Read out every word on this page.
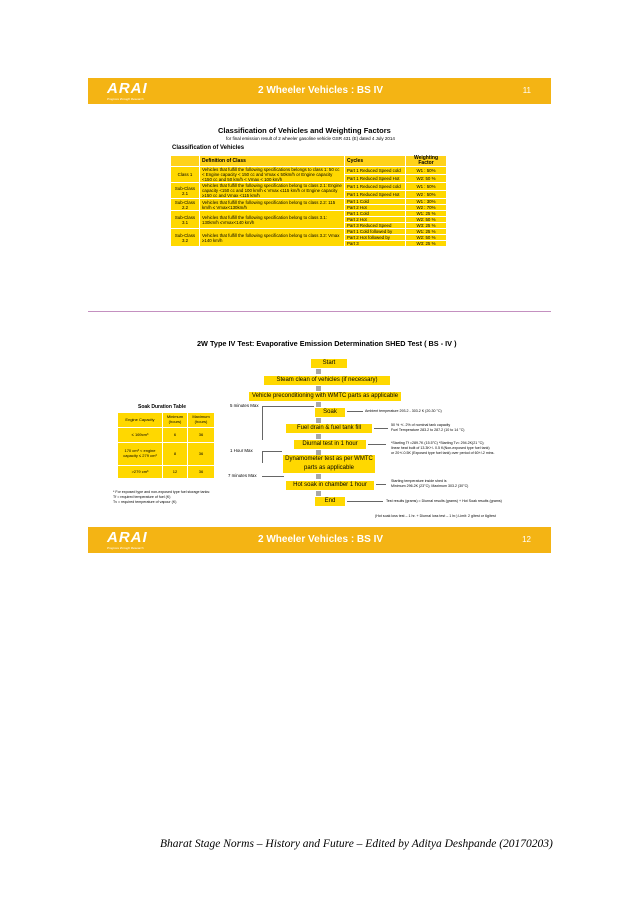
ARAI
Progress through Research
2 Wheeler Vehicles : BS IV	11
Classification of Vehicles and Weighting Factors
for final emission result of 2 wheeler gasoline vehicle GSR 431 (E) dated 4 July 2014
Classification of Vehicles
	Definition of Class	Cycles	Weighting Factor
Class 1	Vehicles that fulfill the following specifications belongs to class 1: 50 cc < Engine capacity < 150 cc and Vmax ≤ 50km/h or Engine capacity <150 cc and 50 km/h < Vmax < 100 km/h	Part 1 Reduced Speed cold	W1 : 50%
		Part 1 Reduced Speed Hot	W2: 50 %
Sub-Class 2.1	Vehicles that fulfill the following specification belong to class 2.1: Engine capacity <150 cc and 100 km/h ≤ Vmax ≤115 km/h or Engine capacity ≥150 cc and Vmax <115 km/h	Part 1 Reduced Speed cold	W1 : 50%
		Part 1 Reduced Speed Hot	W2 : 50%
Sub-Class 2.2	Vehicles that fulfill the following specification belong to class 2.2: 115 km/h ≤ Vmax<130km/h	Part 1 Cold	W1 : 30%
		Part 2 Hot	W2 : 70%
Sub-Class 3.1	Vehicles that fulfill the following specification belong to class 3.1: 130km/h ≤Vmax<140 km/h	Part 1 Cold	W1: 25 %
		Part 2 Hot	W2: 50 %
		Part 3 Reduced Speed	W3: 25 %
Sub-Class 3.2	Vehicles that fulfill the following specification belong to class 3.2: Vmax ≥140 km/h	Part 1 Cold followed by	W1: 25 %
		Part 2 Hot followed by	W2: 50 %
		Part 3	W3: 25 %
2W Type IV Test: Evaporative Emission Determination SHED Test ( BS - IV )
Start
Steam clean of vehicles (if necessary)
Vehicle preconditioning with WMTC parts as applicable
Soak
Fuel drain & fuel tank fill
Diurnal test in 1 hour
Dynamometer test as per WMTC parts as applicable
Hot soak in chamber 1 hour
End
5 minutes Max
1 Hour Max
7 minutes Max
Ambient temperature 293.2 - 303.2 K (20-30 °C)
50 % +/- 2% of nominal tank capacity
Fuel Temperature 283.2 to 287.2 (10 to 14 °C)
*Starting Tf =289.7K (15.5°C) *Starting Tv= 294.2K(21 °C);
linear heat built of 13.3K+/- 0.5 K(Non-exposed type fuel tank)
or 20+/-0.5K (Exposed type fuel tank) over period of 60+/-2 mins.
Starting temperature inside shed is
Minimum 296.2K (23°C); Maximum 303.2 (30°C)
Test results (grams) = Diurnal results (grams) + Hot Soak results (grams)
(Hot soak loss test – 1 hr. + Diurnal loss test – 1 hr.) Limit: 2 g/test or 6g/test
Soak Duration Table
Engine Capacity	Minimum (hours)	Maximum (hours)
≤ 169cm³	6	36
170 cm³ < engine capacity ≤ 279 cm³	8	36
>279 cm³	12	36
* For exposed type and non-exposed type fuel storage tanks:
Tf = required temperature of fuel (K)
Tv = required temperature of vapour (K)
ARAI
Progress through Research
2 Wheeler Vehicles : BS IV	12
Bharat Stage Norms – History and Future – Edited by Aditya Deshpande (20170203)
